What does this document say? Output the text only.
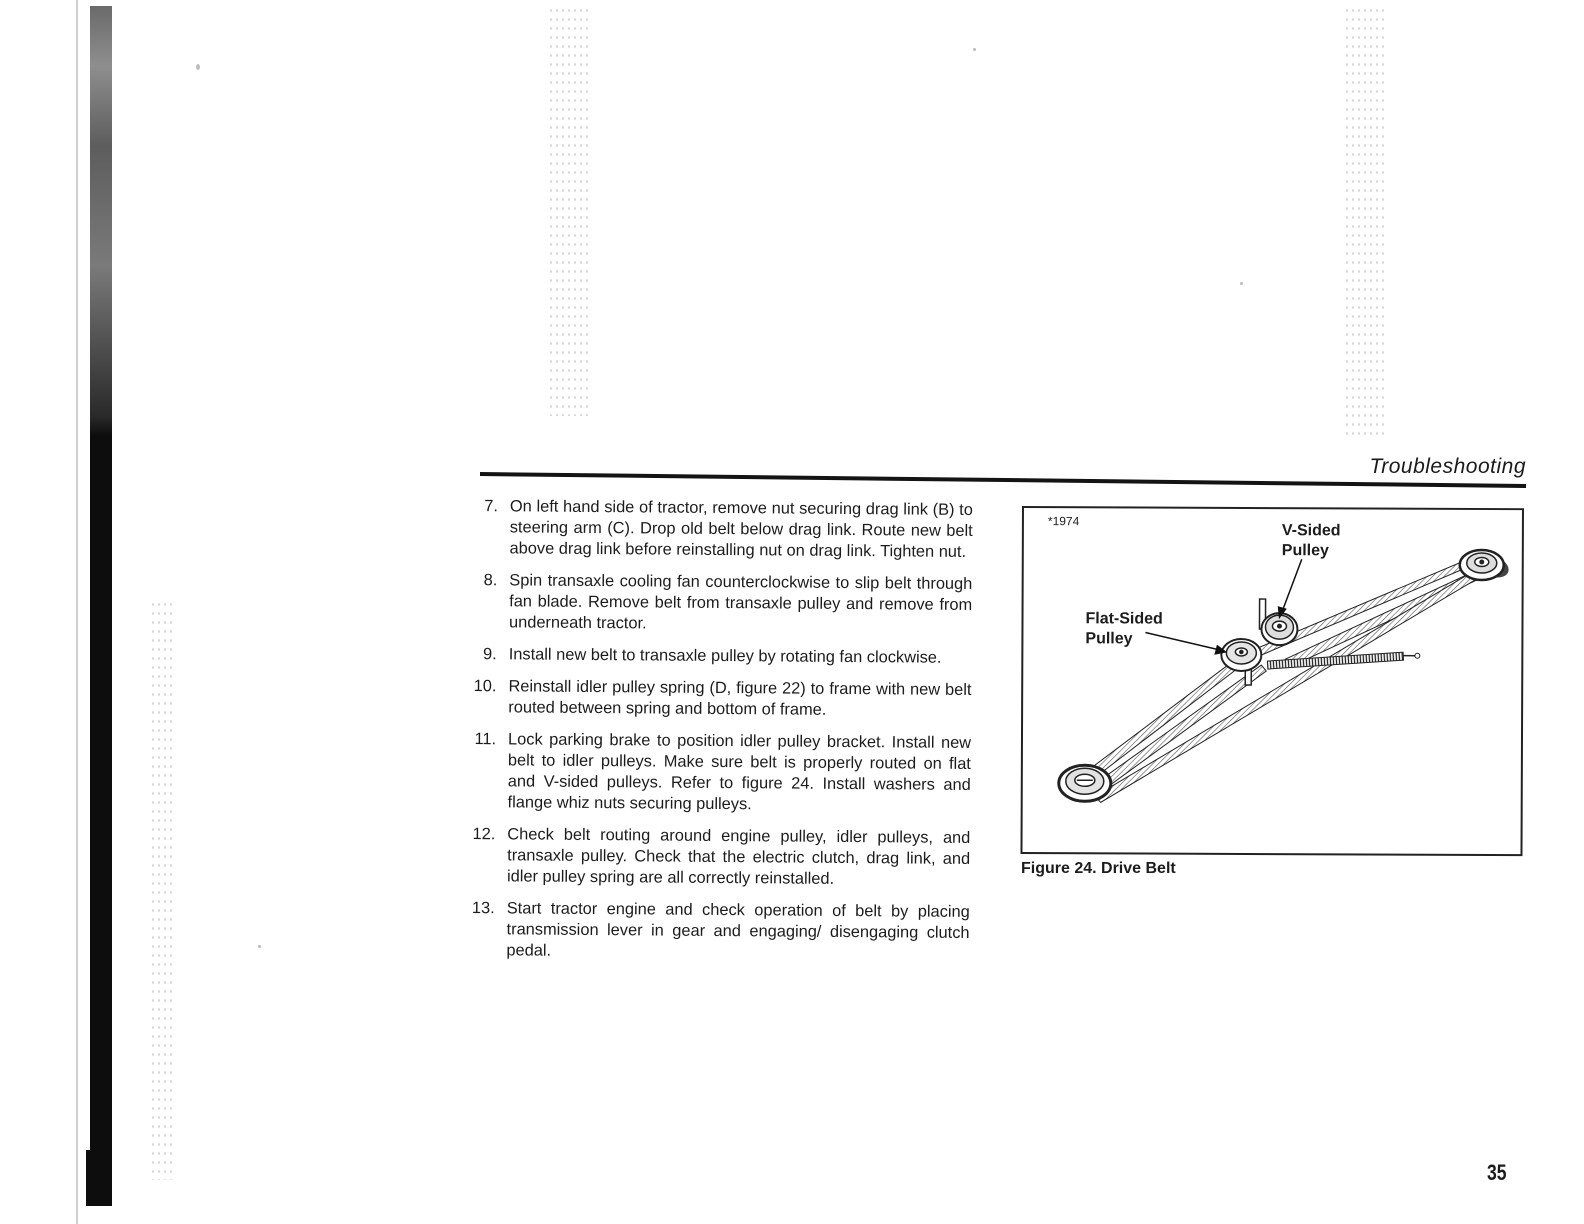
Troubleshooting
7. On left hand side of tractor, remove nut securing drag link (B) to steering arm (C). Drop old belt below drag link. Route new belt above drag link before reinstalling nut on drag link. Tighten nut.
8. Spin transaxle cooling fan counterclockwise to slip belt through fan blade. Remove belt from transaxle pulley and remove from underneath tractor.
9. Install new belt to transaxle pulley by rotating fan clockwise.
10. Reinstall idler pulley spring (D, figure 22) to frame with new belt routed between spring and bottom of frame.
11. Lock parking brake to position idler pulley bracket. Install new belt to idler pulleys. Make sure belt is properly routed on flat and V-sided pulleys. Refer to figure 24. Install washers and flange whiz nuts securing pulleys.
12. Check belt routing around engine pulley, idler pulleys, and transaxle pulley. Check that the electric clutch, drag link, and idler pulley spring are all correctly reinstalled.
13. Start tractor engine and check operation of belt by placing transmission lever in gear and engaging/ disengaging clutch pedal.
*1974
V-Sided
Pulley
Flat-Sided
Pulley
Figure 24. Drive Belt
35
